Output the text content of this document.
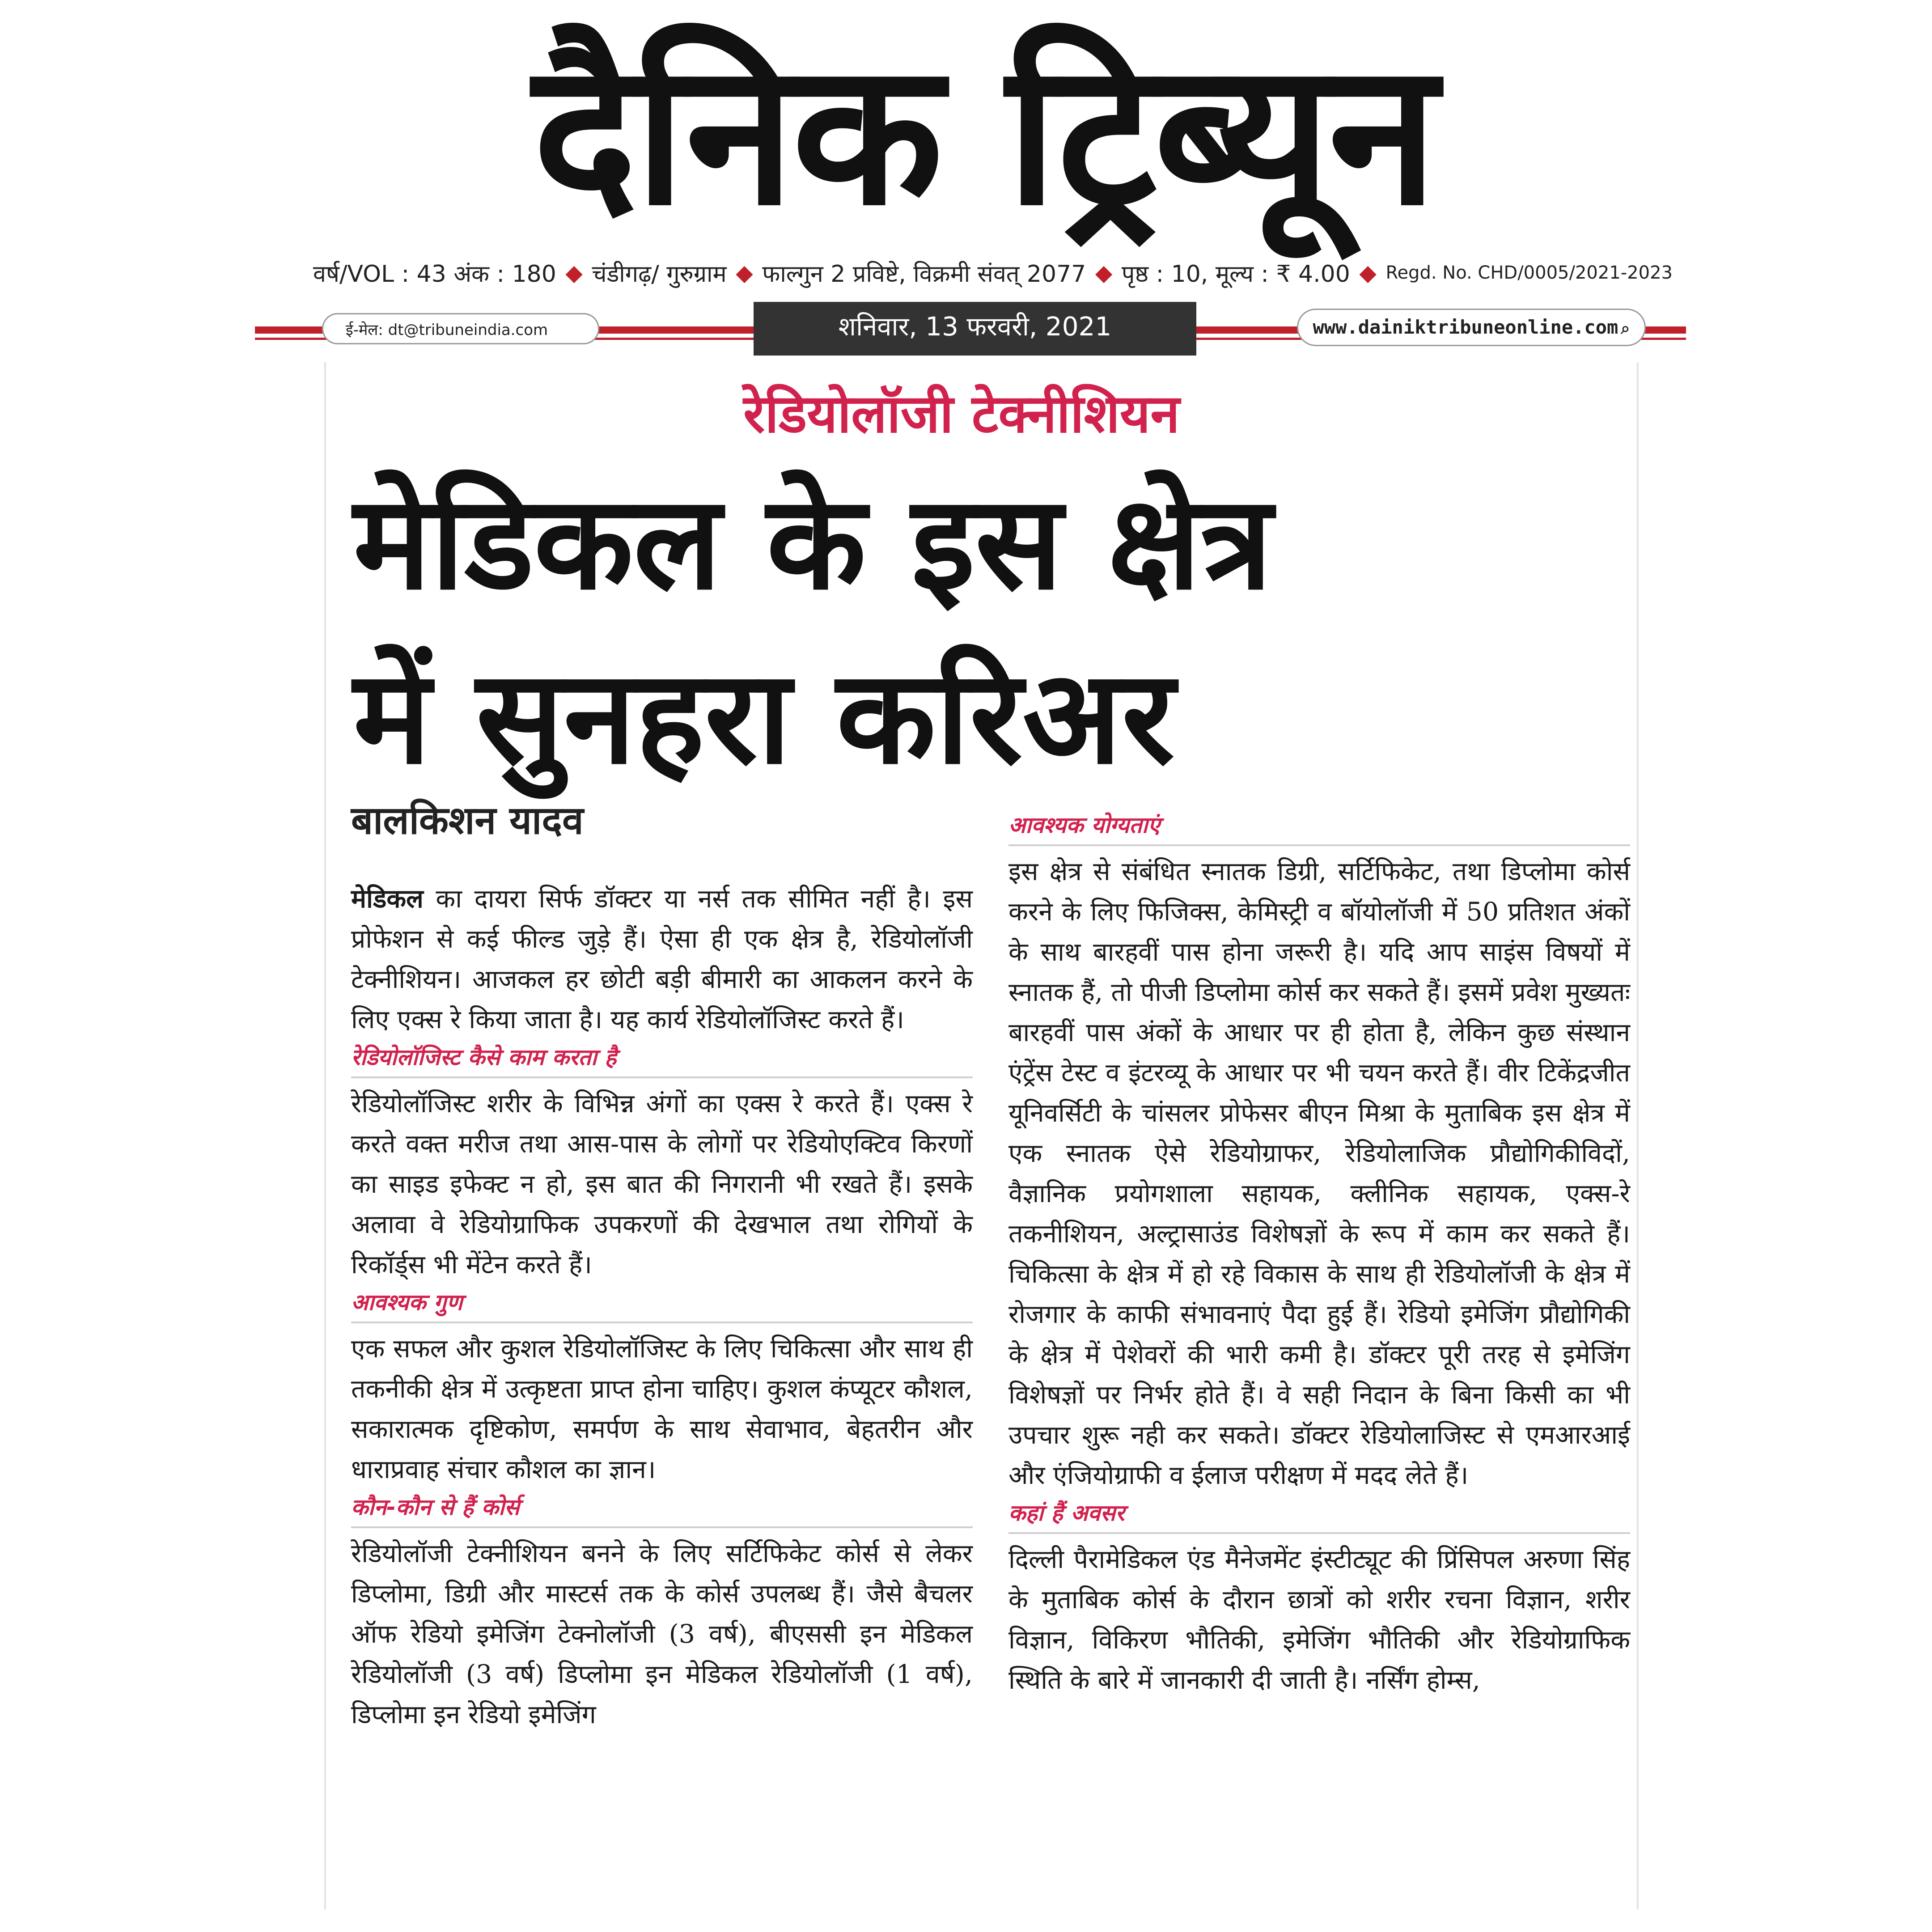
दैनिक ट्रिब्यून
वर्ष/VOL : 43 अंक : 180 ◆ चंडीगढ़/ गुरुग्राम ◆ फाल्गुन 2 प्रविष्टे, विक्रमी संवत् 2077 ◆ पृष्ठ : 10, मूल्य : ₹ 4.00 ◆ Regd. No. CHD/0005/2021-2023
ई-मेल: dt@tribuneindia.com	शनिवार, 13 फरवरी, 2021	www.dainiktribuneonline.com ⌕
रेडियोलॉजी टेक्नीशियन
मेडिकल के इस क्षेत्र
में सुनहरा करिअर
बालकिशन यादव

मेडिकल का दायरा सिर्फ डॉक्टर या नर्स तक सीमित नहीं है। इस प्रोफेशन से कई फील्ड जुड़े हैं। ऐसा ही एक क्षेत्र है, रेडियोलॉजी टेक्नीशियन। आजकल हर छोटी बड़ी बीमारी का आकलन करने के लिए एक्स रे किया जाता है। यह कार्य रेडियोलॉजिस्ट करते हैं।

रेडियोलॉजिस्ट कैसे काम करता है

रेडियोलॉजिस्ट शरीर के विभिन्न अंगों का एक्स रे करते हैं। एक्स रे करते वक्त मरीज तथा आस-पास के लोगों पर रेडियोएक्टिव किरणों का साइड इफेक्ट न हो, इस बात की निगरानी भी रखते हैं। इसके अलावा वे रेडियोग्राफिक उपकरणों की देखभाल तथा रोगियों के रिकॉर्ड्स भी मेंटेन करते हैं।

आवश्यक गुण

एक सफल और कुशल रेडियोलॉजिस्ट के लिए चिकित्सा और साथ ही तकनीकी क्षेत्र में उत्कृष्टता प्राप्त होना चाहिए। कुशल कंप्यूटर कौशल, सकारात्मक दृष्टिकोण, समर्पण के साथ सेवाभाव, बेहतरीन और धाराप्रवाह संचार कौशल का ज्ञान।

कौन-कौन से हैं कोर्स

रेडियोलॉजी टेक्नीशियन बनने के लिए सर्टिफिकेट कोर्स से लेकर डिप्लोमा, डिग्री और मास्टर्स तक के कोर्स उपलब्ध हैं। जैसे बैचलर ऑफ रेडियो इमेजिंग टेक्नोलॉजी (3 वर्ष), बीएससी इन मेडिकल रेडियोलॉजी (3 वर्ष) डिप्लोमा इन मेडिकल रेडियोलॉजी (1 वर्ष), डिप्लोमा इन रेडियो इमेजिंग

आवश्यक योग्यताएं

इस क्षेत्र से संबंधित स्नातक डिग्री, सर्टिफिकेट, तथा डिप्लोमा कोर्स करने के लिए फिजिक्स, केमिस्ट्री व बॉयोलॉजी में 50 प्रतिशत अंकों के साथ बारहवीं पास होना जरूरी है। यदि आप साइंस विषयों में स्नातक हैं, तो पीजी डिप्लोमा कोर्स कर सकते हैं। इसमें प्रवेश मुख्यतः बारहवीं पास अंकों के आधार पर ही होता है, लेकिन कुछ संस्थान एंट्रेंस टेस्ट व इंटरव्यू के आधार पर भी चयन करते हैं। वीर टिकेंद्रजीत यूनिवर्सिटी के चांसलर प्रोफेसर बीएन मिश्रा के मुताबिक इस क्षेत्र में एक स्नातक ऐसे रेडियोग्राफर, रेडियोलाजिक प्रौद्योगिकीविदों, वैज्ञानिक प्रयोगशाला सहायक, क्लीनिक सहायक, एक्स-रे तकनीशियन, अल्ट्रासाउंड विशेषज्ञों के रूप में काम कर सकते हैं। चिकित्सा के क्षेत्र में हो रहे विकास के साथ ही रेडियोलॉजी के क्षेत्र में रोजगार के काफी संभावनाएं पैदा हुई हैं। रेडियो इमेजिंग प्रौद्योगिकी के क्षेत्र में पेशेवरों की भारी कमी है। डॉक्टर पूरी तरह से इमेजिंग विशेषज्ञों पर निर्भर होते हैं। वे सही निदान के बिना किसी का भी उपचार शुरू नही कर सकते। डॉक्टर रेडियोलाजिस्ट से एमआरआई और एंजियोग्राफी व ईलाज परीक्षण में मदद लेते हैं।

कहां हैं अवसर

दिल्ली पैरामेडिकल एंड मैनेजमेंट इंस्टीट्यूट की प्रिंसिपल अरुणा सिंह के मुताबिक कोर्स के दौरान छात्रों को शरीर रचना विज्ञान, शरीर विज्ञान, विकिरण भौतिकी, इमेजिंग भौतिकी और रेडियोग्राफिक स्थिति के बारे में जानकारी दी जाती है। नर्सिंग होम्स,
